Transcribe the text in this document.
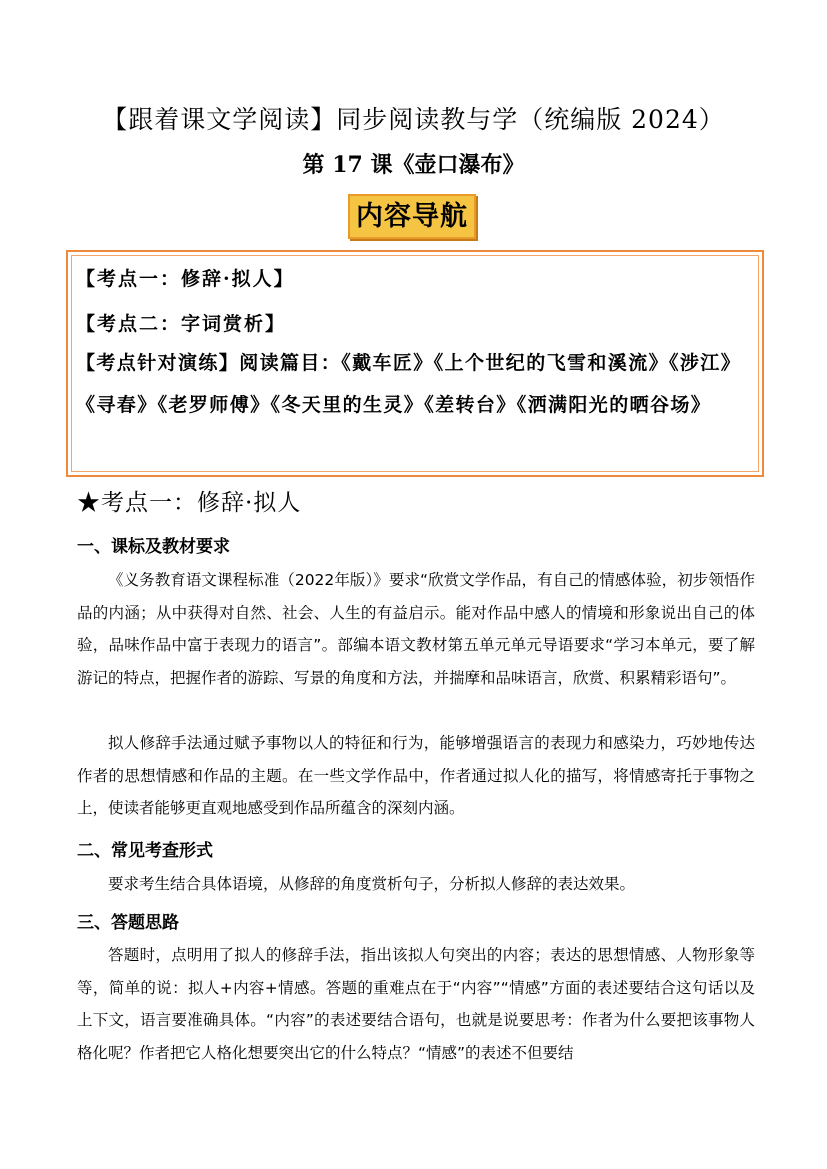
【跟着课文学阅读】同步阅读教与学（统编版 2024）
第 17 课《壶口瀑布》
内容导航
【考点一：修辞·拟人】
【考点二：字词赏析】
【考点针对演练】阅读篇目：《戴车匠》《上个世纪的飞雪和溪流》《涉江》《寻春》《老罗师傅》《冬天里的生灵》《差转台》《洒满阳光的晒谷场》
★考点一：修辞·拟人
一、课标及教材要求
《义务教育语文课程标准（2022年版）》要求“欣赏文学作品，有自己的情感体验，初步领悟作品的内涵；从中获得对自然、社会、人生的有益启示。能对作品中感人的情境和形象说出自己的体验，品味作品中富于表现力的语言”。部编本语文教材第五单元单元导语要求“学习本单元，要了解游记的特点，把握作者的游踪、写景的角度和方法，并揣摩和品味语言，欣赏、积累精彩语句”。
拟人修辞手法通过赋予事物以人的特征和行为，能够增强语言的表现力和感染力，巧妙地传达作者的思想情感和作品的主题。在一些文学作品中，作者通过拟人化的描写，将情感寄托于事物之上，使读者能够更直观地感受到作品所蕴含的深刻内涵。
二、常见考查形式
要求考生结合具体语境，从修辞的角度赏析句子，分析拟人修辞的表达效果。
三、答题思路
答题时，点明用了拟人的修辞手法，指出该拟人句突出的内容；表达的思想情感、人物形象等等，简单的说：拟人+内容+情感。答题的重难点在于“内容”“情感”方面的表述要结合这句话以及上下文，语言要准确具体。“内容”的表述要结合语句，也就是说要思考：作者为什么要把该事物人格化呢？作者把它人格化想要突出它的什么特点？“情感”的表述不但要结
